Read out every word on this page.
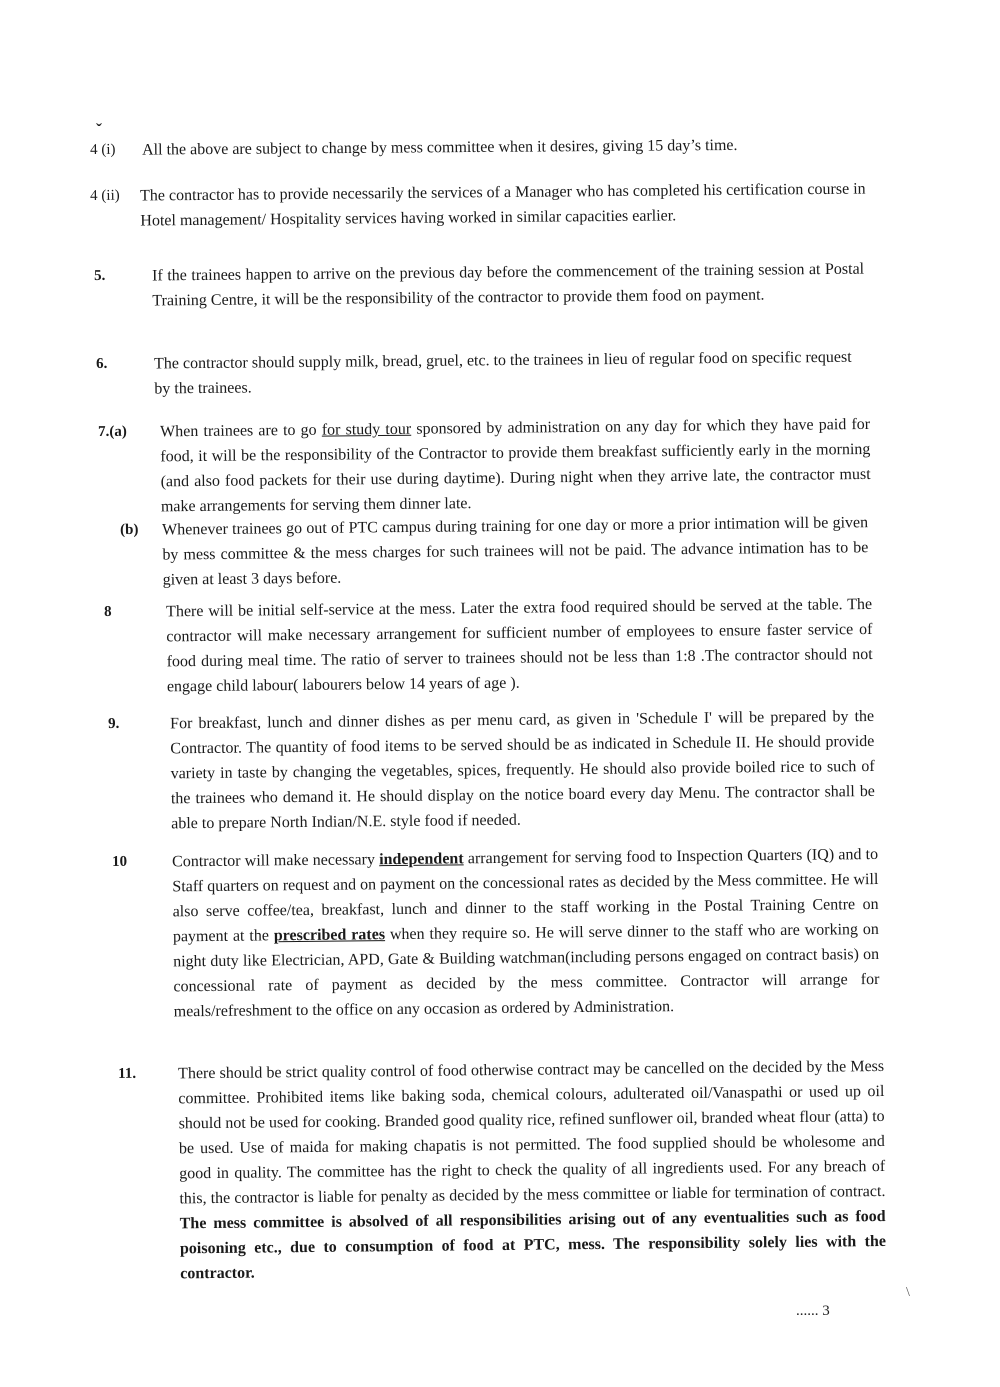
ˇ
4 (i) All the above are subject to change by mess committee when it desires, giving 15 day’s time.
4 (ii) The contractor has to provide necessarily the services of a Manager who has completed his certification course in Hotel management/ Hospitality services having worked in similar capacities earlier.
5.	If the trainees happen to arrive on the previous day before the commencement of the training session at Postal Training Centre, it will be the responsibility of the contractor to provide them food on payment.
6.	The contractor should supply milk, bread, gruel, etc. to the trainees in lieu of regular food on specific request by the trainees.
7.(a) When trainees are to go for study tour sponsored by administration on any day for which they have paid for food, it will be the responsibility of the Contractor to provide them breakfast sufficiently early in the morning (and also food packets for their use during daytime). During night when they arrive late, the contractor must make arrangements for serving them dinner late.
(b) Whenever trainees go out of PTC campus during training for one day or more a prior intimation will be given by mess committee & the mess charges for such trainees will not be paid. The advance intimation has to be given at least 3 days before.
8	There will be initial self-service at the mess. Later the extra food required should be served at the table. The contractor will make necessary arrangement for sufficient number of employees to ensure faster service of food during meal time. The ratio of server to trainees should not be less than 1:8 .The contractor should not engage child labour( labourers below 14 years of age ).
9.	For breakfast, lunch and dinner dishes as per menu card, as given in 'Schedule I' will be prepared by the Contractor. The quantity of food items to be served should be as indicated in Schedule II. He should provide variety in taste by changing the vegetables, spices, frequently. He should also provide boiled rice to such of the trainees who demand it. He should display on the notice board every day Menu. The contractor shall be able to prepare North Indian/N.E. style food if needed.
10	Contractor will make necessary independent arrangement for serving food to Inspection Quarters (IQ) and to Staff quarters on request and on payment on the concessional rates as decided by the Mess committee. He will also serve coffee/tea, breakfast, lunch and dinner to the staff working in the Postal Training Centre on payment at the prescribed rates when they require so. He will serve dinner to the staff who are working on night duty like Electrician, APD, Gate & Building watchman(including persons engaged on contract basis) on concessional rate of payment as decided by the mess committee. Contractor will arrange for meals/refreshment to the office on any occasion as ordered by Administration.
11.	There should be strict quality control of food otherwise contract may be cancelled on the decided by the Mess committee. Prohibited items like baking soda, chemical colours, adulterated oil/Vanaspathi or used up oil should not be used for cooking. Branded good quality rice, refined sunflower oil, branded wheat flour (atta) to be used. Use of maida for making chapatis is not permitted. The food supplied should be wholesome and good in quality. The committee has the right to check the quality of all ingredients used. For any breach of this, the contractor is liable for penalty as decided by the mess committee or liable for termination of contract. The mess committee is absolved of all responsibilities arising out of any eventualities such as food poisoning etc., due to consumption of food at PTC, mess. The responsibility solely lies with the contractor.
...... 3
\
